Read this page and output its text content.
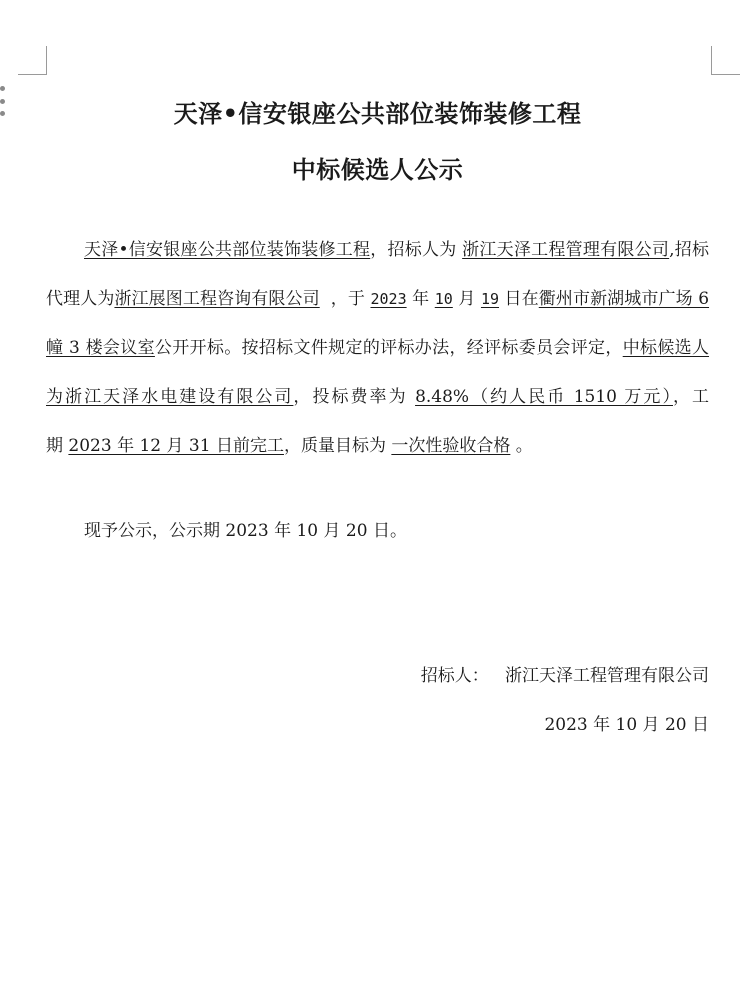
天泽•信安银座公共部位装饰装修工程
中标候选人公示
天泽•信安银座公共部位装饰装修工程，招标人为 浙江天泽工程管理有限公司,招标代理人为浙江展图工程咨询有限公司 ，于 2023 年 10 月 19 日在衢州市新湖城市广场 6 幢 3 楼会议室公开开标。按招标文件规定的评标办法，经评标委员会评定，中标候选人为浙江天泽水电建设有限公司，投标费率为 8.48%（约人民币 1510 万元），工期 2023 年 12 月 31 日前完工，质量目标为 一次性验收合格 。
现予公示，公示期 2023 年 10 月 20 日。
招标人： 浙江天泽工程管理有限公司
2023 年 10 月 20 日
